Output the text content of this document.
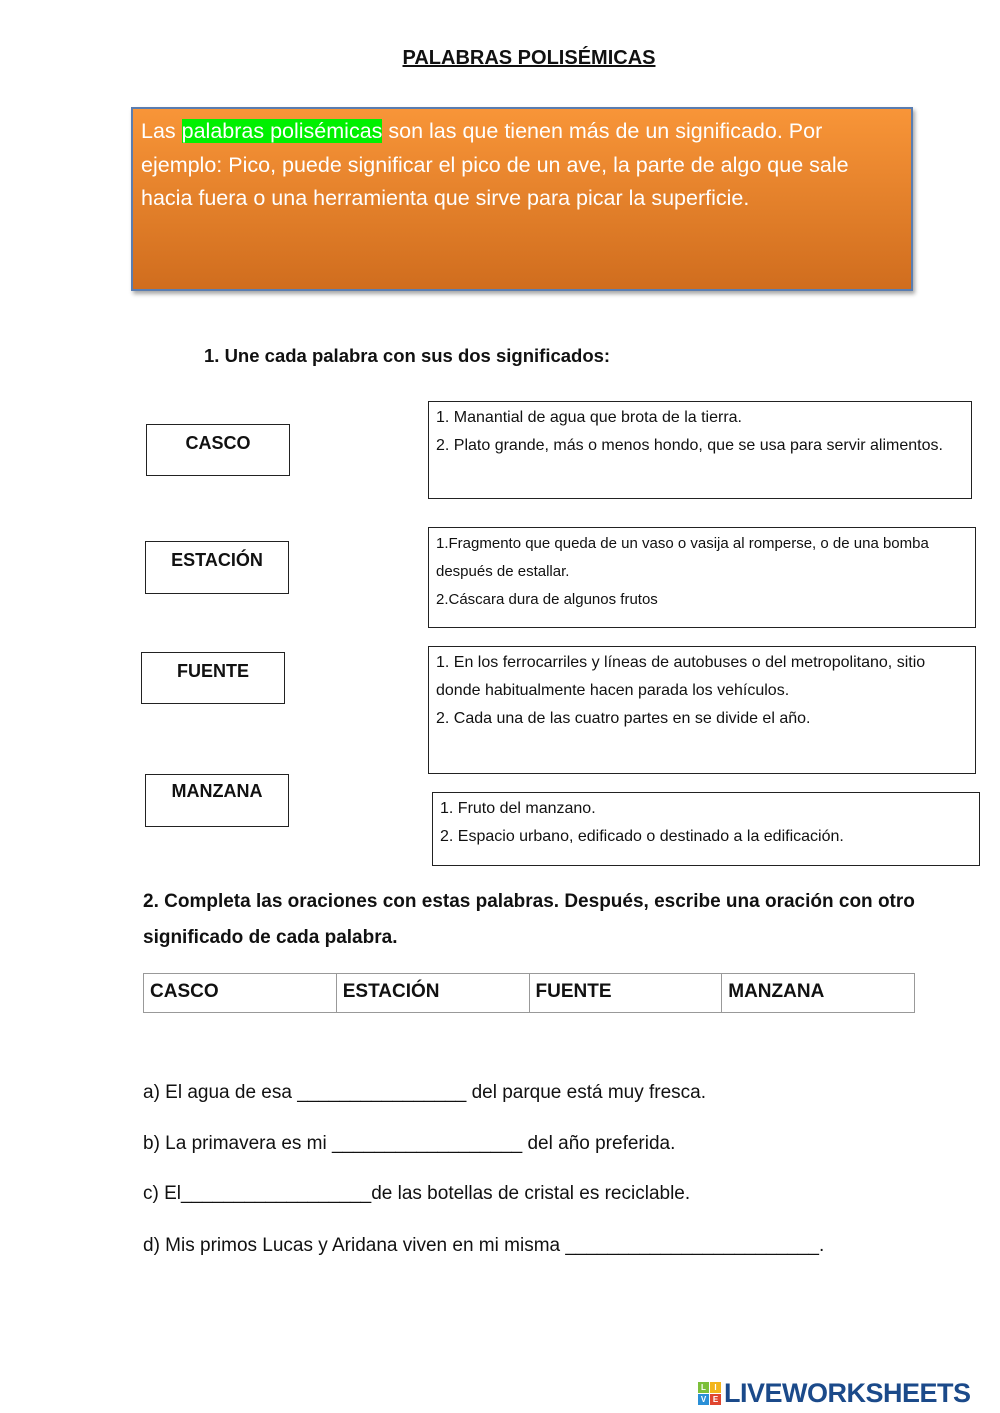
PALABRAS POLISÉMICAS
Las palabras polisémicas son las que tienen más de un significado. Por ejemplo: Pico, puede significar el pico de un ave, la parte de algo que sale hacia fuera o una herramienta que sirve para picar la superficie.
1. Une cada palabra con sus dos significados:
CASCO
ESTACIÓN
FUENTE
MANZANA
1. Manantial de agua que brota de la tierra.
2. Plato grande, más o menos hondo, que se usa para servir alimentos.
1.Fragmento que queda de un vaso o vasija al romperse, o de una bomba después de estallar.
2.Cáscara dura de algunos frutos
1. En los ferrocarriles y líneas de autobuses o del metropolitano, sitio donde habitualmente hacen parada los vehículos.
2. Cada una de las cuatro partes en se divide el año.
1. Fruto del manzano.
2. Espacio urbano, edificado o destinado a la edificación.
2. Completa las oraciones con estas palabras. Después, escribe una oración con otro significado de cada palabra.
CASCO	ESTACIÓN	FUENTE	MANZANA
a) El agua de esa ________________ del parque está muy fresca.
b) La primavera es mi __________________ del año preferida.
c) El__________________de las botellas de cristal es reciclable.
d) Mis primos Lucas y Aridana viven en mi misma ________________________.
L	I
V E LIVEWORKSHEETS
